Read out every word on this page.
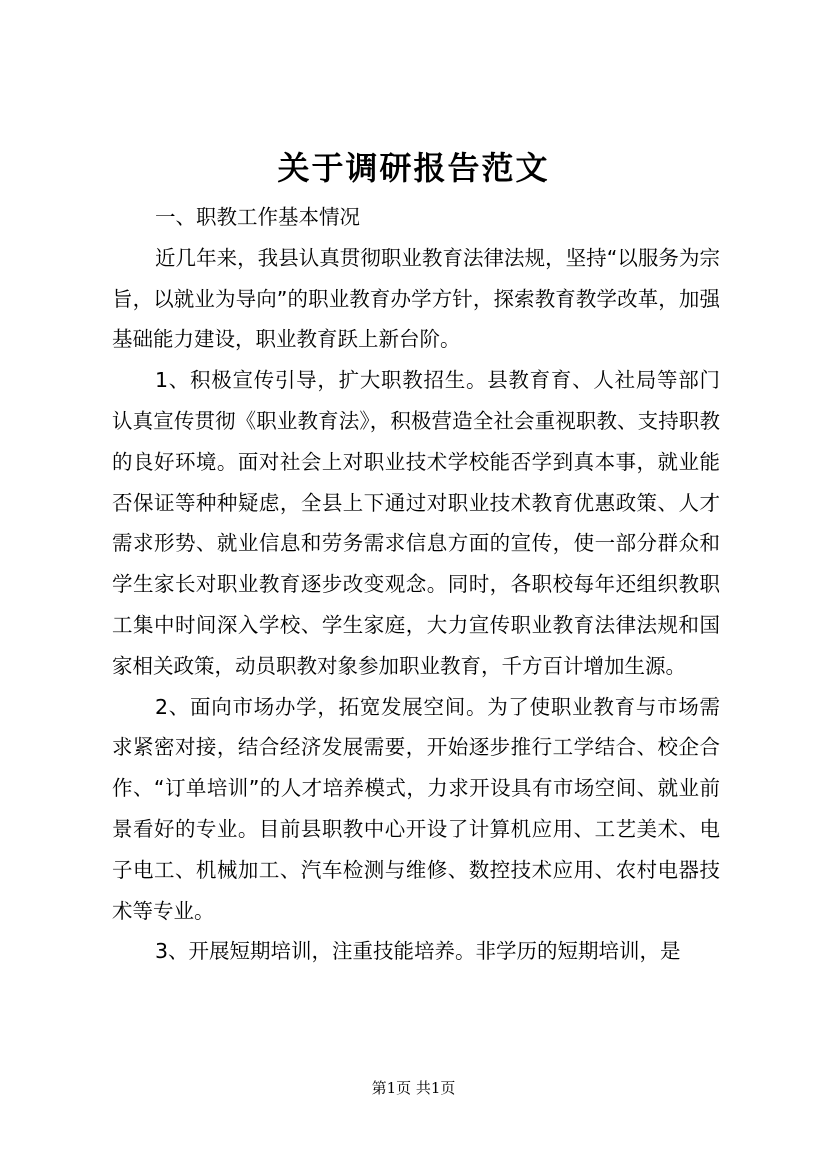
关于调研报告范文

一、职教工作基本情况

近几年来，我县认真贯彻职业教育法律法规，坚持“以服务为宗旨，以就业为导向”的职业教育办学方针，探索教育教学改革，加强基础能力建设，职业教育跃上新台阶。

1、积极宣传引导，扩大职教招生。县教育育、人社局等部门认真宣传贯彻《职业教育法》，积极营造全社会重视职教、支持职教的良好环境。面对社会上对职业技术学校能否学到真本事，就业能否保证等种种疑虑，全县上下通过对职业技术教育优惠政策、人才需求形势、就业信息和劳务需求信息方面的宣传，使一部分群众和学生家长对职业教育逐步改变观念。同时，各职校每年还组织教职工集中时间深入学校、学生家庭，大力宣传职业教育法律法规和国家相关政策，动员职教对象参加职业教育，千方百计增加生源。

2、面向市场办学，拓宽发展空间。为了使职业教育与市场需求紧密对接，结合经济发展需要，开始逐步推行工学结合、校企合作、“订单培训”的人才培养模式，力求开设具有市场空间、就业前景看好的专业。目前县职教中心开设了计算机应用、工艺美术、电子电工、机械加工、汽车检测与维修、数控技术应用、农村电器技术等专业。

3、开展短期培训，注重技能培养。非学历的短期培训，是

第1页 共1页
